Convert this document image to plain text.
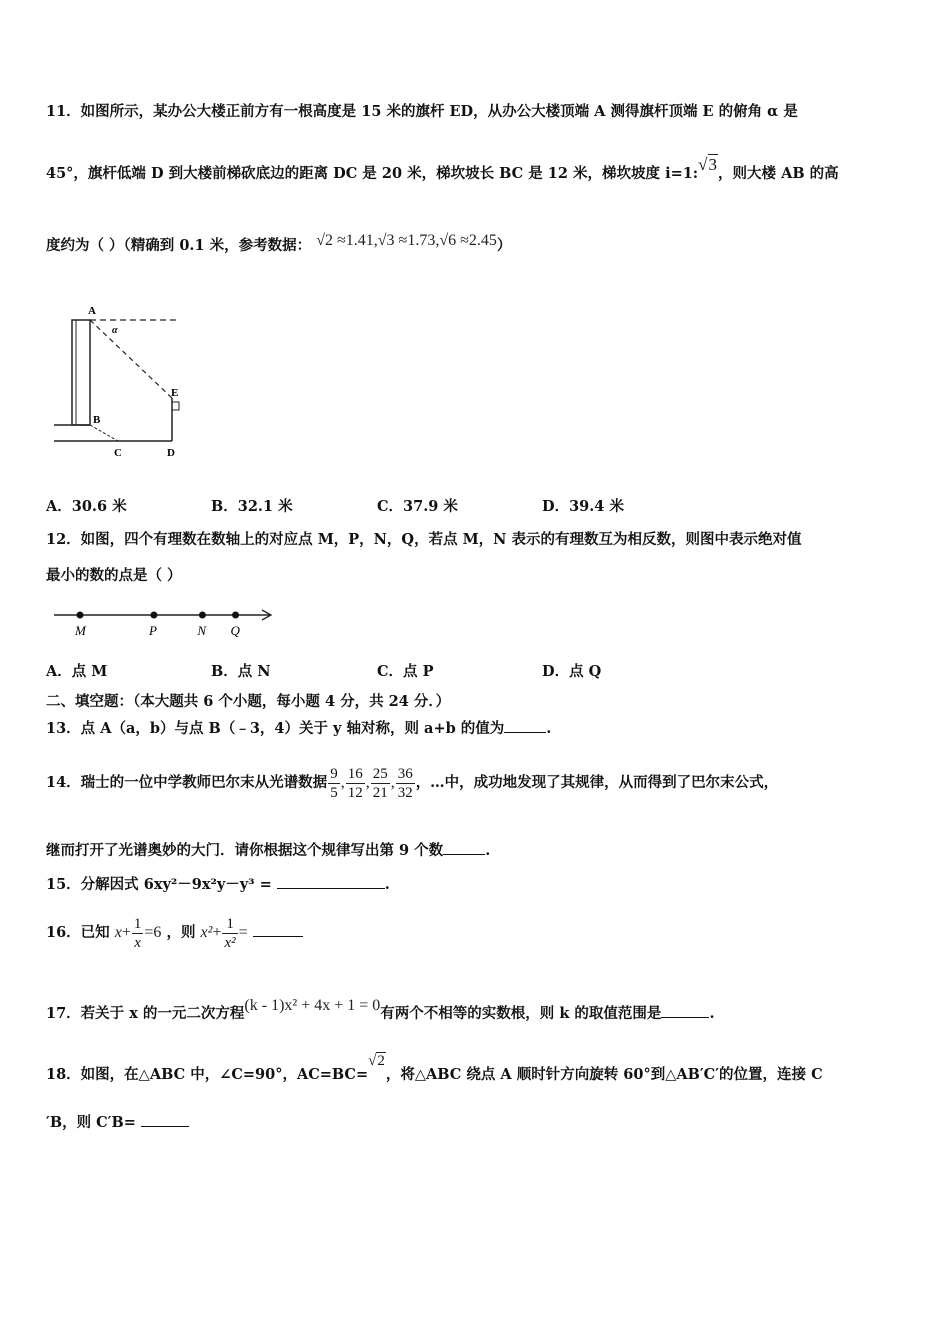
11．如图所示，某办公大楼正前方有一根高度是 15 米的旗杆 ED，从办公大楼顶端 A 测得旗杆顶端 E 的俯角 α 是
45°，旗杆低端 D 到大楼前梯砍底边的距离 DC 是 20 米，梯坎坡长 BC 是 12 米，梯坎坡度 i=1:√3，则大楼 AB 的高
度约为（ ）（精确到 0.1 米，参考数据： √2 ≈1.41,√3 ≈1.73,√6 ≈2.45）
A
α
B
E
C	D
A．30.6 米	B．32.1 米	C．37.9 米	D．39.4 米
12．如图，四个有理数在数轴上的对应点 M，P，N，Q，若点 M，N 表示的有理数互为相反数，则图中表示绝对值
最小的数的点是（ ）
M	P	N Q
A．点 M	B．点 N	C．点 P	D．点 Q
二、填空题：（本大题共 6 个小题，每小题 4 分，共 24 分．）
13．点 A（a，b）与点 B（﹣3，4）关于 y 轴对称，则 a+b 的值为	.
14．瑞士的一位中学教师巴尔末从光谱数据 $\frac{9}{5}$ , $\frac{16}{12}$ , $\frac{25}{21}$ , $\frac{36}{32}$ ，…中，成功地发现了其规律，从而得到了巴尔末公式，
继而打开了光谱奥妙的大门．请你根据这个规律写出第 9 个数	.
15．分解因式 6xy²－9x²y－y³ =	.
16．已知 $x+ \frac{1}{x} =6$ ，则 $x^2+ \frac{1}{\text{x²}}$ =
17．若关于 x 的一元二次方程(k - 1)x² + 4x + 1 = 0有两个不相等的实数根，则 k 的取值范围是	.
18．如图，在△ABC 中，∠C=90°，AC=BC=√2，将△ABC 绕点 A 顺时针方向旋转 60°到△AB′C′的位置，连接 C
′B，则 C′B=
